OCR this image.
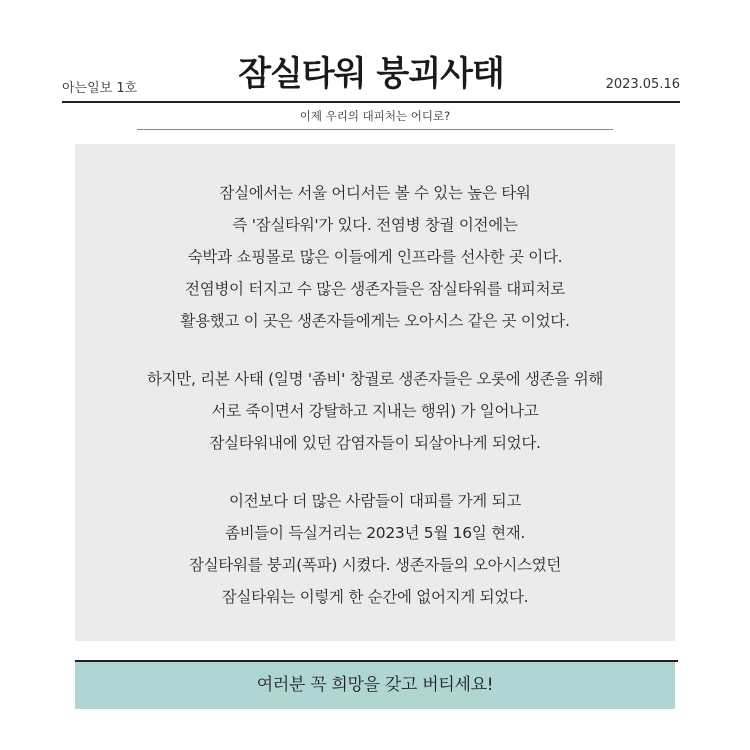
아는일보 1호	잠실타워 붕괴사태	2023.05.16
이제 우리의 대피처는 어디로?

잠실에서는 서울 어디서든 볼 수 있는 높은 타워
즉 '잠실타워'가 있다. 전염병 창궐 이전에는
숙박과 쇼핑몰로 많은 이들에게 인프라를 선사한 곳 이다.
전염병이 터지고 수 많은 생존자들은 잠실타워를 대피처로
활용했고 이 곳은 생존자들에게는 오아시스 같은 곳 이었다.

하지만, 리본 사태 (일명 '좀비' 창궐로 생존자들은 오롯에 생존을 위해
서로 죽이면서 강탈하고 지내는 행위) 가 일어나고
잠실타워내에 있던 감염자들이 되살아나게 되었다.

이전보다 더 많은 사람들이 대피를 가게 되고
좀비들이 득실거리는 2023년 5월 16일 현재.
잠실타워를 붕괴(폭파) 시켰다. 생존자들의 오아시스였던
잠실타워는 이렇게 한 순간에 없어지게 되었다.

여러분 꼭 희망을 갖고 버티세요!
